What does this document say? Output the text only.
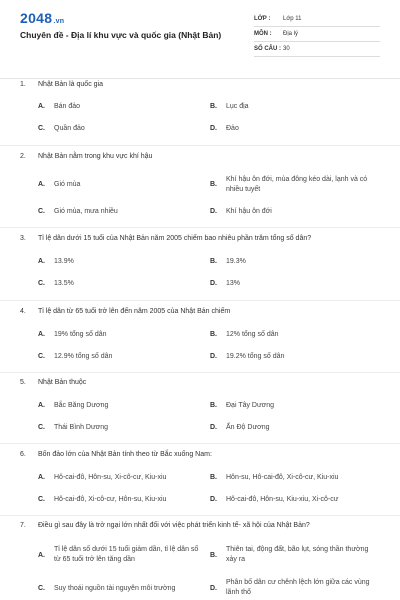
2048.vn
Chuyên đề - Địa lí khu vực và quốc gia (Nhật Bản)
LỚP : Lớp 11
MÔN : Địa lý
SỐ CÂU : 30
1. Nhật Bản là quốc gia
A. Bán đảo	B. Lục địa
C. Quần đảo	D. Đảo
2. Nhật Bản nằm trong khu vực khí hậu
A. Gió mùa	B.
Khí hậu ôn đới, mùa đông kéo dài, lạnh và có nhiều tuyết
C. Gió mùa, mưa nhiều	D. Khí hậu ôn đới
3. Tỉ lệ dân dưới 15 tuổi của Nhật Bản năm 2005 chiếm bao nhiêu phần trăm tổng số dân?
A. 13.9%	B. 19.3%
C. 13.5%	D. 13%
4. Tỉ lệ dân từ 65 tuổi trở lên đến năm 2005 của Nhật Bản chiếm
A. 19% tổng số dân	B. 12% tổng số dân
C. 12.9% tổng số dân	D. 19.2% tổng số dân
5. Nhật Bản thuộc
A. Bắc Băng Dương	B. Đại Tây Dương
C. Thái Bình Dương	D. Ấn Độ Dương
6. Bốn đảo lớn của Nhật Bản tính theo từ Bắc xuống Nam:
A. Hô-cai-đô, Hôn-su, Xi-cô-cư, Kiu-xiu	B. Hôn-su, Hô-cai-đô, Xi-cô-cư, Kiu-xiu
C. Hô-cai-đô, Xi-cô-cư, Hôn-su, Kiu-xiu	D. Hô-cai-đô, Hôn-su, Kiu-xiu, Xi-cô-cư
7. Điều gì sau đây là trở ngại lớn nhất đối với việc phát triển kinh tế- xã hội của Nhật Bản?
A.
Tỉ lệ dân số dưới 15 tuổi giảm dần, tỉ lệ dân số từ 65 tuổi trở lên tăng dần
B.
Thiên tai, động đất, bão lụt, sóng thần thường xảy ra
C. Suy thoái nguồn tài nguyên môi trường	D.
Phân bố dân cư chênh lệch lớn giữa các vùng lãnh thổ
